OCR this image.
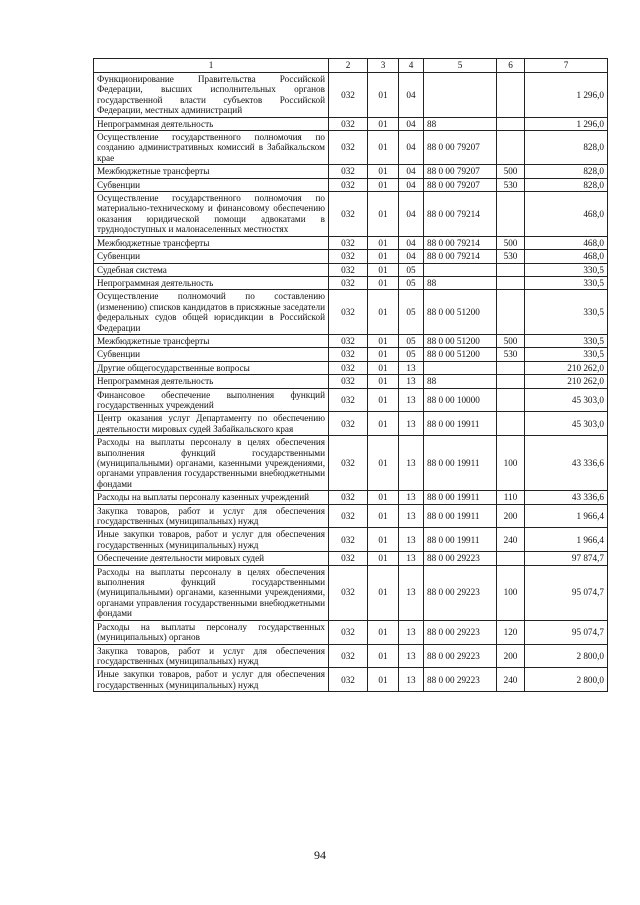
1	2	3	4	5	6	7
Функционирование Правительства Российской Федерации, высших исполнительных органов государственной власти субъектов Российской Федерации, местных администраций	032	01	04			1 296,0
Непрограммная деятельность	032	01	04	88		1 296,0
Осуществление государственного полномочия по созданию административных комиссий в Забайкальском крае	032	01	04	88 0 00 79207		828,0
Межбюджетные трансферты	032	01	04	88 0 00 79207	500	828,0
Субвенции	032	01	04	88 0 00 79207	530	828,0
Осуществление государственного полномочия по материально-техническому и финансовому обеспечению оказания юридической помощи адвокатами в труднодоступных и малонаселенных местностях	032	01	04	88 0 00 79214		468,0
Межбюджетные трансферты	032	01	04	88 0 00 79214	500	468,0
Субвенции	032	01	04	88 0 00 79214	530	468,0
Судебная система	032	01	05			330,5
Непрограммная деятельность	032	01	05	88		330,5
Осуществление полномочий по составлению (изменению) списков кандидатов в присяжные заседатели федеральных судов общей юрисдикции в Российской Федерации	032	01	05	88 0 00 51200		330,5
Межбюджетные трансферты	032	01	05	88 0 00 51200	500	330,5
Субвенции	032	01	05	88 0 00 51200	530	330,5
Другие общегосударственные вопросы	032	01	13			210 262,0
Непрограммная деятельность	032	01	13	88		210 262,0
Финансовое обеспечение выполнения функций государственных учреждений	032	01	13	88 0 00 10000		45 303,0
Центр оказания услуг Департаменту по обеспечению деятельности мировых судей Забайкальского края	032	01	13	88 0 00 19911		45 303,0
Расходы на выплаты персоналу в целях обеспечения выполнения функций государственными (муниципальными) органами, казенными учреждениями, органами управления государственными внебюджетными фондами	032	01	13	88 0 00 19911	100	43 336,6
Расходы на выплаты персоналу казенных учреждений	032	01	13	88 0 00 19911	110	43 336,6
Закупка товаров, работ и услуг для обеспечения государственных (муниципальных) нужд	032	01	13	88 0 00 19911	200	1 966,4
Иные закупки товаров, работ и услуг для обеспечения государственных (муниципальных) нужд	032	01	13	88 0 00 19911	240	1 966,4
Обеспечение деятельности мировых судей	032	01	13	88 0 00 29223		97 874,7
Расходы на выплаты персоналу в целях обеспечения выполнения функций государственными (муниципальными) органами, казенными учреждениями, органами управления государственными внебюджетными фондами	032	01	13	88 0 00 29223	100	95 074,7
Расходы на выплаты персоналу государственных (муниципальных) органов	032	01	13	88 0 00 29223	120	95 074,7
Закупка товаров, работ и услуг для обеспечения государственных (муниципальных) нужд	032	01	13	88 0 00 29223	200	2 800,0
Иные закупки товаров, работ и услуг для обеспечения государственных (муниципальных) нужд	032	01	13	88 0 00 29223	240	2 800,0
94
